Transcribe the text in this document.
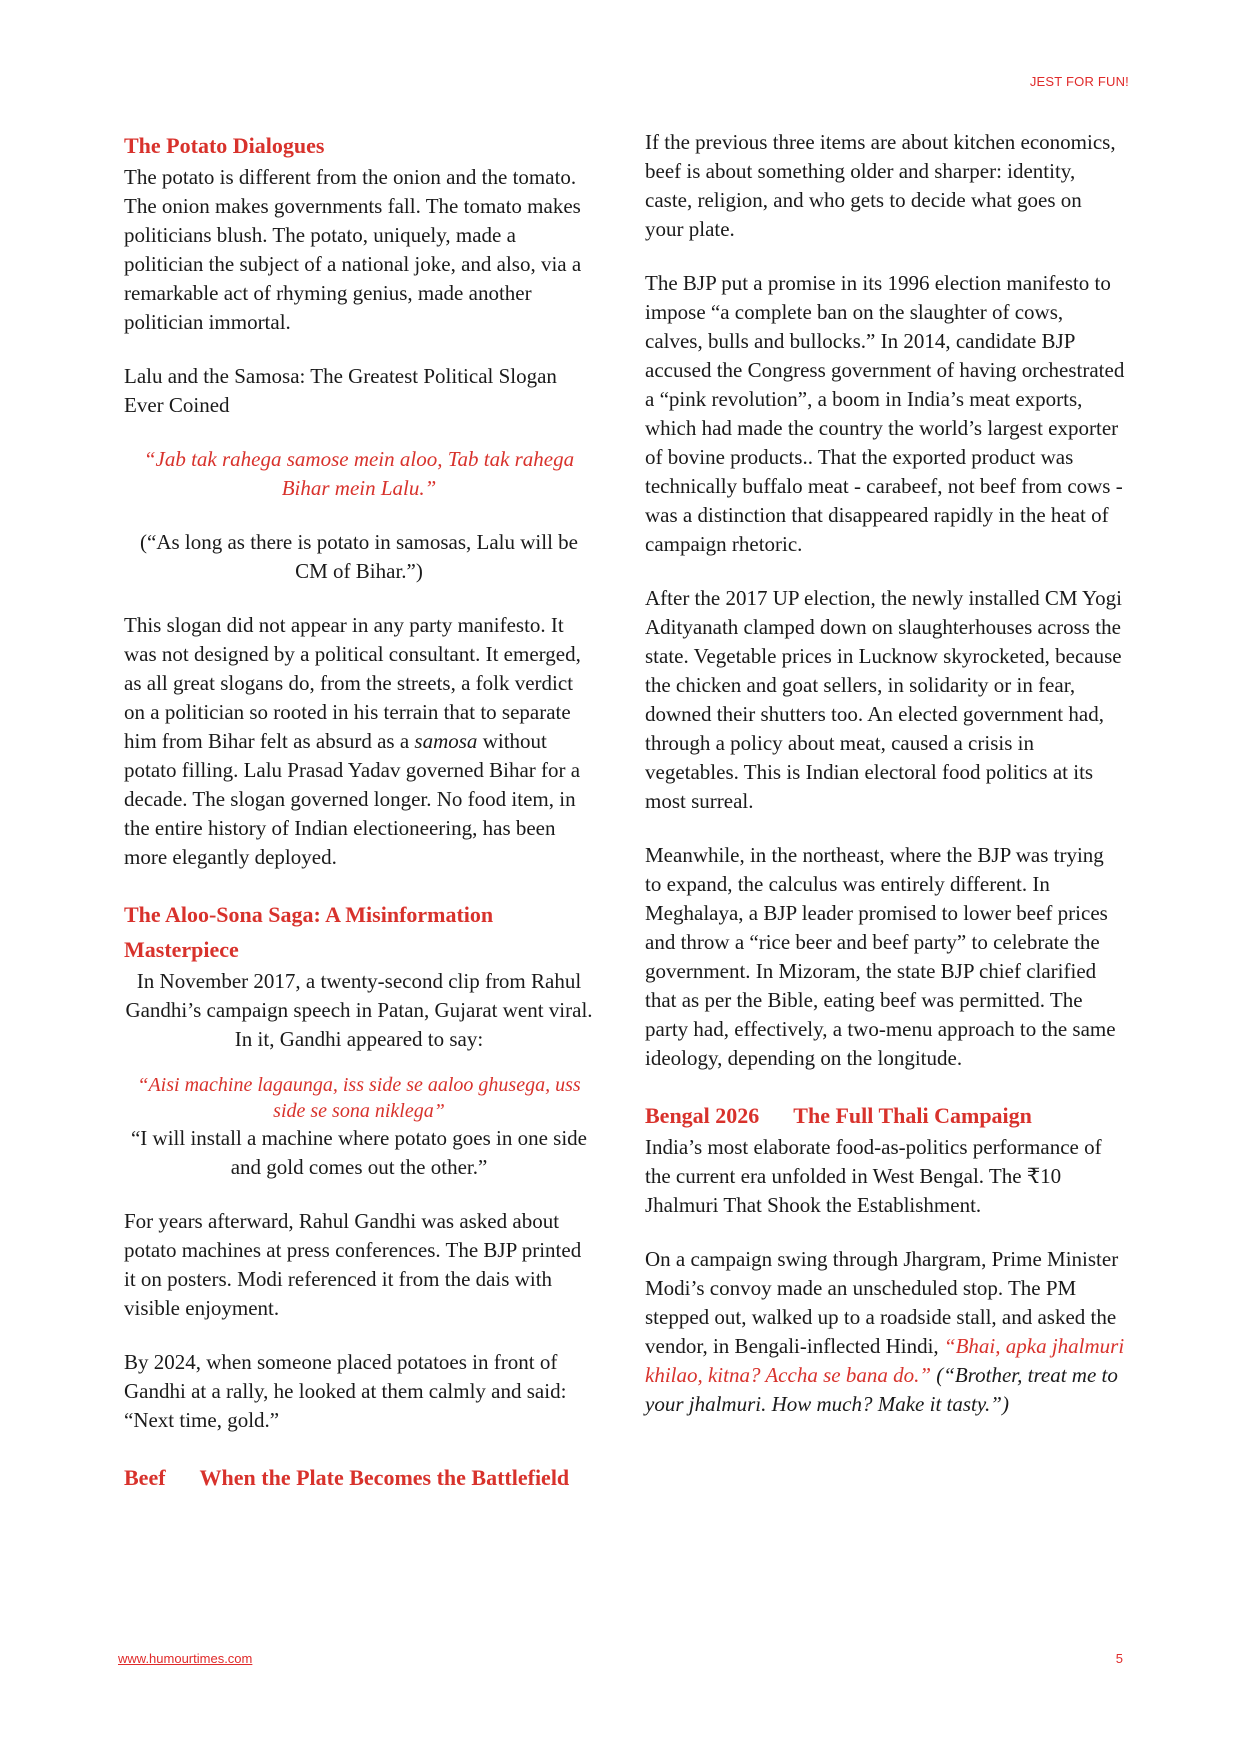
JEST FOR FUN!
The Potato Dialogues

The potato is different from the onion and the tomato. The onion makes governments fall. The tomato makes politicians blush. The potato, uniquely, made a politician the subject of a national joke, and also, via a remarkable act of rhyming genius, made another politician immortal.

Lalu and the Samosa: The Greatest Political Slogan Ever Coined

“Jab tak rahega samose mein aloo, Tab tak rahega Bihar mein Lalu.”

(“As long as there is potato in samosas, Lalu will be CM of Bihar.”)

This slogan did not appear in any party manifesto. It was not designed by a political consultant. It emerged, as all great slogans do, from the streets, a folk verdict on a politician so rooted in his terrain that to separate him from Bihar felt as absurd as a samosa without potato filling. Lalu Prasad Yadav governed Bihar for a decade. The slogan governed longer. No food item, in the entire history of Indian electioneering, has been more elegantly deployed.

The Aloo-Sona Saga: A Misinformation Masterpiece

In November 2017, a twenty-second clip from Rahul Gandhi’s campaign speech in Patan, Gujarat went viral. In it, Gandhi appeared to say:

“Aisi machine lagaunga, iss side se aaloo ghusega, uss side se sona niklega”

“I will install a machine where potato goes in one side and gold comes out the other.”

For years afterward, Rahul Gandhi was asked about potato machines at press conferences. The BJP printed it on posters. Modi referenced it from the dais with visible enjoyment.

By 2024, when someone placed potatoes in front of Gandhi at a rally, he looked at them calmly and said: “Next time, gold.”

Beef When the Plate Becomes the Battlefield

If the previous three items are about kitchen economics, beef is about something older and sharper: identity, caste, religion, and who gets to decide what goes on your plate.

The BJP put a promise in its 1996 election manifesto to impose “a complete ban on the slaughter of cows, calves, bulls and bullocks.” In 2014, candidate BJP accused the Congress government of having orchestrated a “pink revolution”, a boom in India’s meat exports, which had made the country the world’s largest exporter of bovine products.. That the exported product was technically buffalo meat - carabeef, not beef from cows - was a distinction that disappeared rapidly in the heat of campaign rhetoric.

After the 2017 UP election, the newly installed CM Yogi Adityanath clamped down on slaughterhouses across the state. Vegetable prices in Lucknow skyrocketed, because the chicken and goat sellers, in solidarity or in fear, downed their shutters too. An elected government had, through a policy about meat, caused a crisis in vegetables. This is Indian electoral food politics at its most surreal.

Meanwhile, in the northeast, where the BJP was trying to expand, the calculus was entirely different. In Meghalaya, a BJP leader promised to lower beef prices and throw a “rice beer and beef party” to celebrate the government. In Mizoram, the state BJP chief clarified that as per the Bible, eating beef was permitted. The party had, effectively, a two-menu approach to the same ideology, depending on the longitude.

Bengal 2026 The Full Thali Campaign

India’s most elaborate food-as-politics performance of the current era unfolded in West Bengal. The ₹10 Jhalmuri That Shook the Establishment.

On a campaign swing through Jhargram, Prime Minister Modi’s convoy made an unscheduled stop. The PM stepped out, walked up to a roadside stall, and asked the vendor, in Bengali-inflected Hindi, “Bhai, apka jhalmuri khilao, kitna? Accha se bana do.” (“Brother, treat me to your jhalmuri. How much? Make it tasty.”)

www.humourtimes.com	5
